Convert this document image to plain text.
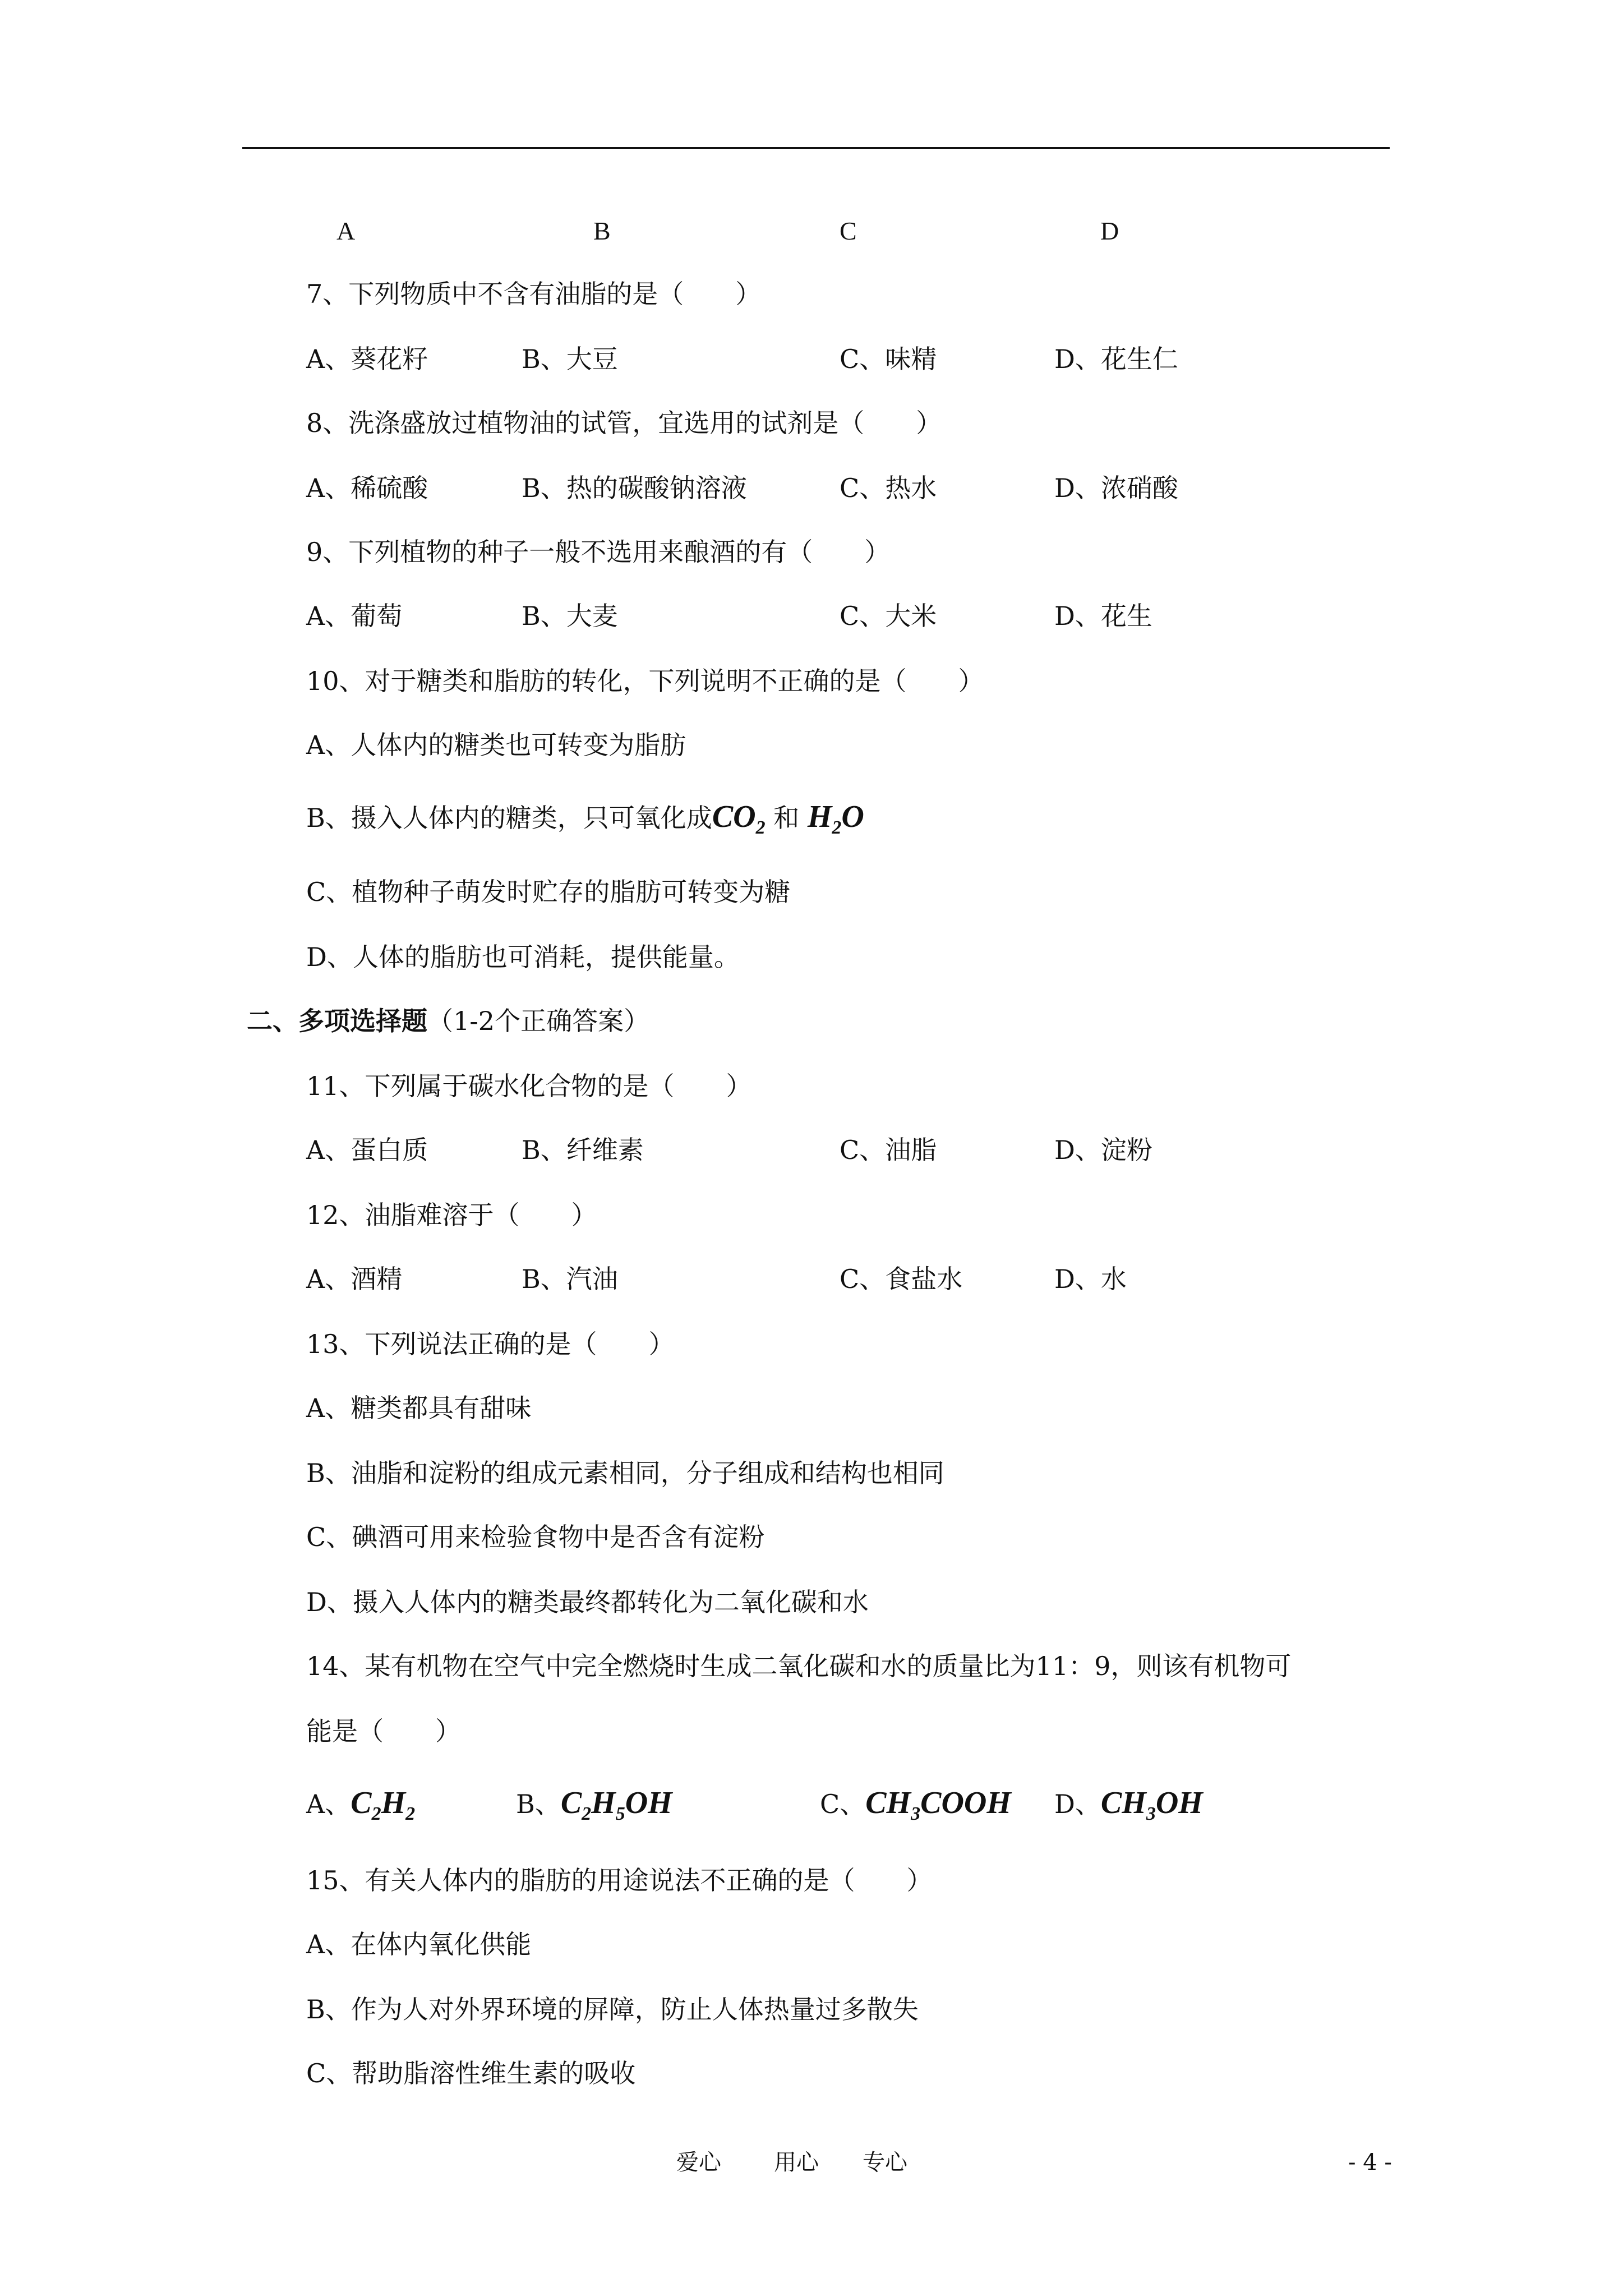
A	B	C	D
7、下列物质中不含有油脂的是（　　）
A、葵花籽	B、大豆	C、味精	D、花生仁
8、洗涤盛放过植物油的试管，宜选用的试剂是（　　）
A、稀硫酸	B、热的碳酸钠溶液	C、热水	D、浓硝酸
9、下列植物的种子一般不选用来酿酒的有（　　）
A、葡萄	B、大麦	C、大米	D、花生
10、对于糖类和脂肪的转化，下列说明不正确的是（　　）
A、人体内的糖类也可转变为脂肪
B、摄入人体内的糖类，只可氧化成$CO_2$ 和 $H_2O$
C、植物种子萌发时贮存的脂肪可转变为糖
D、人体的脂肪也可消耗，提供能量。
二、多项选择题（1-2个正确答案）
11、下列属于碳水化合物的是（　　）
A、蛋白质	B、纤维素	C、油脂	D、淀粉
12、油脂难溶于（　　）
A、酒精	B、汽油	C、食盐水	D、水
13、下列说法正确的是（　　）
A、糖类都具有甜味
B、油脂和淀粉的组成元素相同，分子组成和结构也相同
C、碘酒可用来检验食物中是否含有淀粉
D、摄入人体内的糖类最终都转化为二氧化碳和水
14、某有机物在空气中完全燃烧时生成二氧化碳和水的质量比为11：9，则该有机物可
能是（　　）
A、$C_2H_2$	B、$C_2H_5OH$	C、$CH_3COOH$ D、$CH_3OH$
15、有关人体内的脂肪的用途说法不正确的是（　　）
A、在体内氧化供能
B、作为人对外界环境的屏障，防止人体热量过多散失
C、帮助脂溶性维生素的吸收
爱心 用心 专心	- 4 -
